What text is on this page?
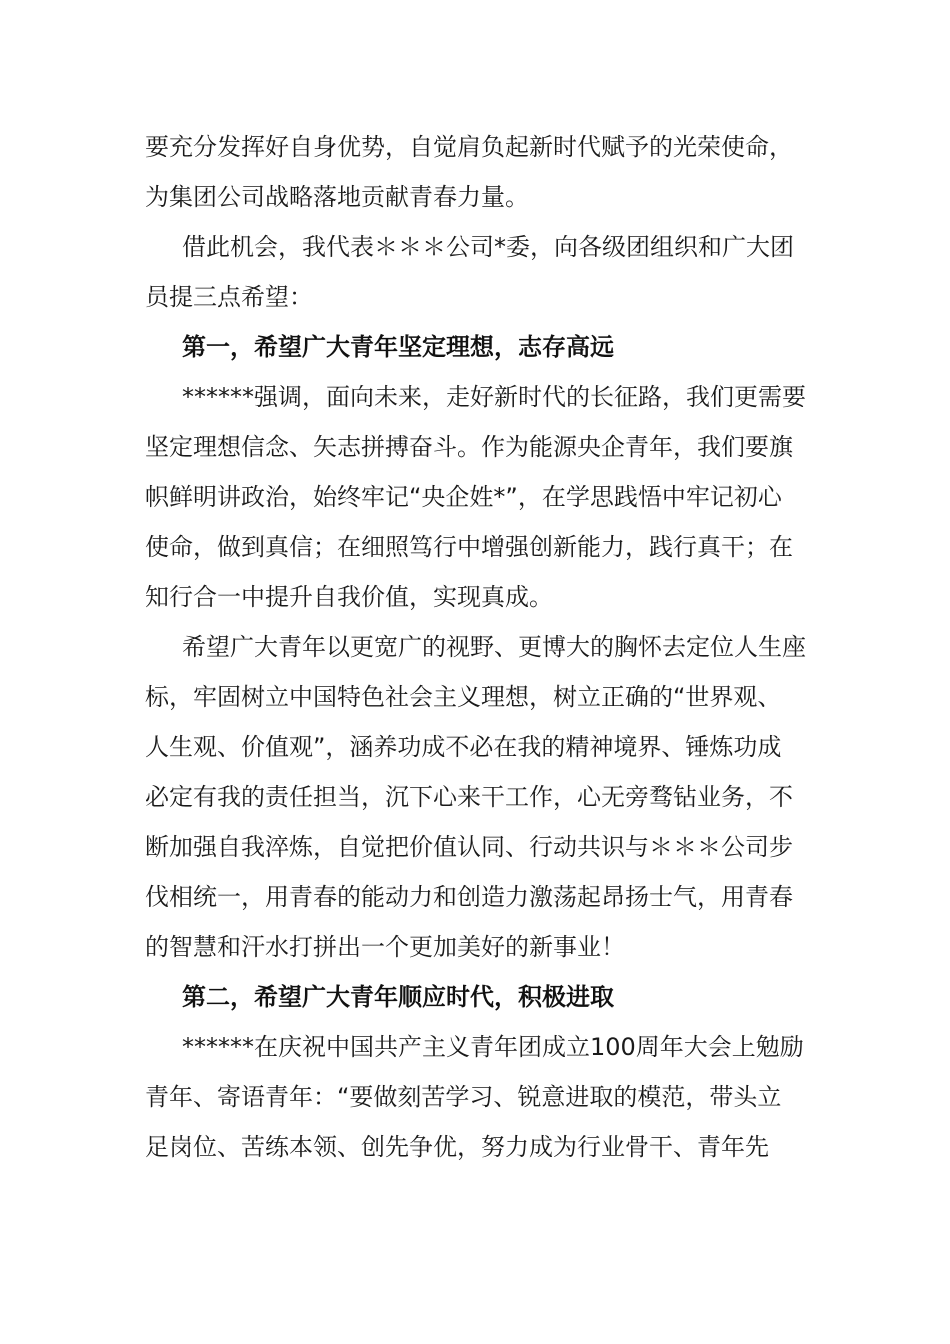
要充分发挥好自身优势，自觉肩负起新时代赋予的光荣使命，
为集团公司战略落地贡献青春力量。
借此机会，我代表＊＊＊公司*委，向各级团组织和广大团
员提三点希望：
第一，希望广大青年坚定理想，志存高远
******强调，面向未来，走好新时代的长征路，我们更需要
坚定理想信念、矢志拼搏奋斗。作为能源央企青年，我们要旗
帜鲜明讲政治，始终牢记“央企姓*”，在学思践悟中牢记初心
使命，做到真信；在细照笃行中增强创新能力，践行真干；在
知行合一中提升自我价值，实现真成。
希望广大青年以更宽广的视野、更博大的胸怀去定位人生座
标，牢固树立中国特色社会主义理想，树立正确的“世界观、
人生观、价值观”，涵养功成不必在我的精神境界、锤炼功成
必定有我的责任担当，沉下心来干工作，心无旁骛钻业务，不
断加强自我淬炼，自觉把价值认同、行动共识与＊＊＊公司步
伐相统一，用青春的能动力和创造力激荡起昂扬士气，用青春
的智慧和汗水打拼出一个更加美好的新事业！
第二，希望广大青年顺应时代，积极进取
******在庆祝中国共产主义青年团成立100周年大会上勉励
青年、寄语青年：“要做刻苦学习、锐意进取的模范，带头立
足岗位、苦练本领、创先争优，努力成为行业骨干、青年先
